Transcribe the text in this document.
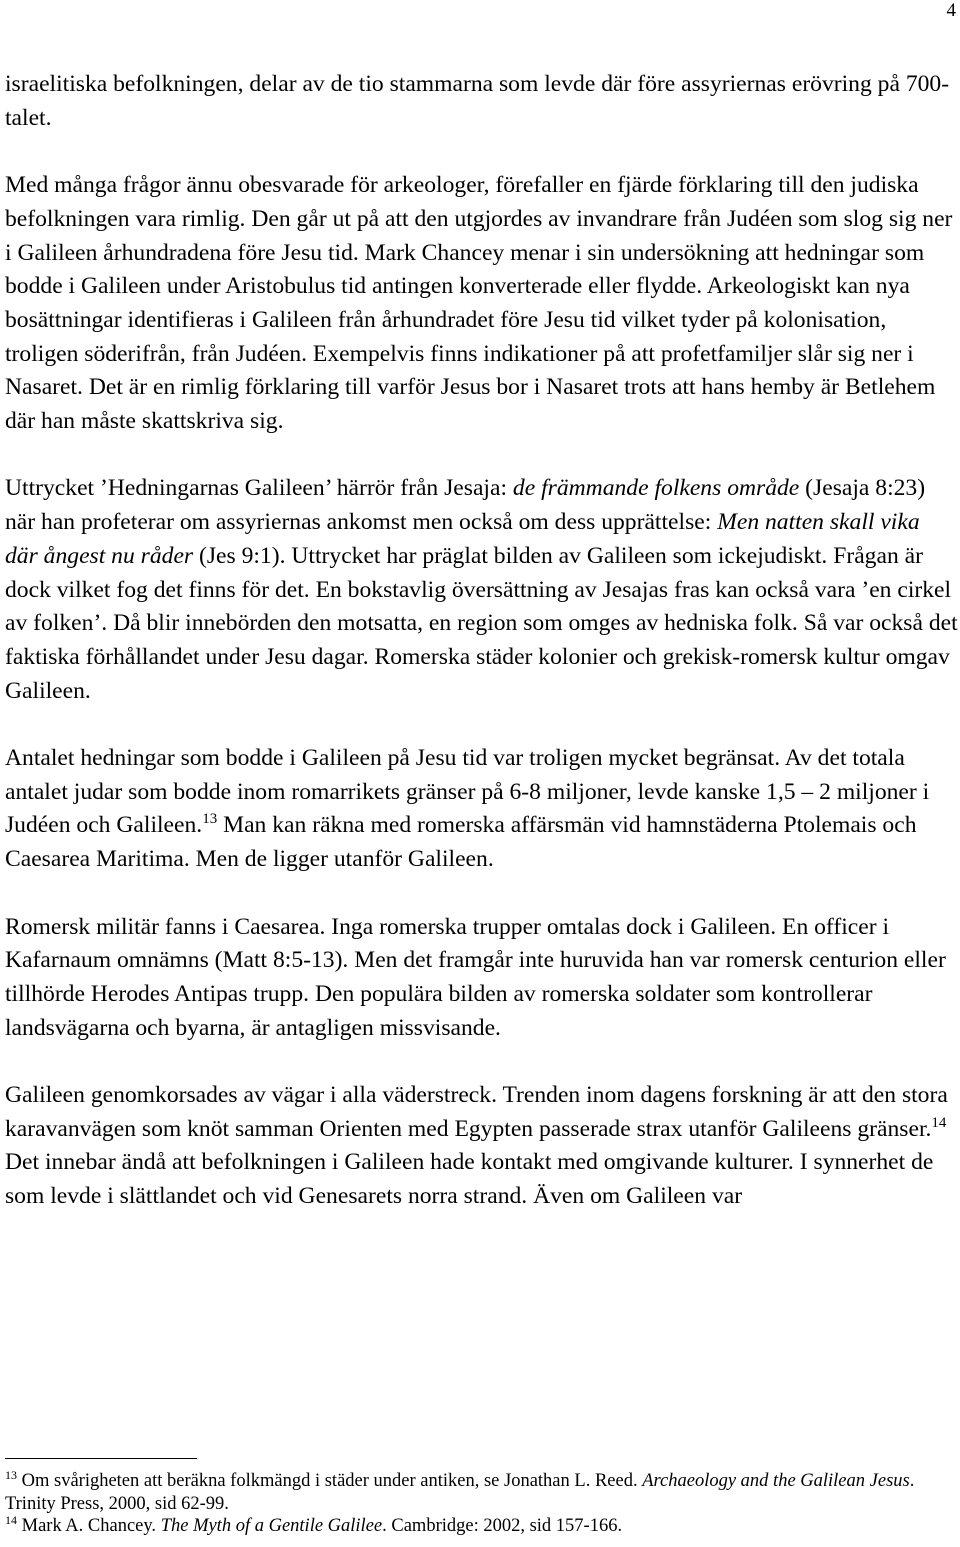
4

israelitiska befolkningen, delar av de tio stammarna som levde där före assyriernas erövring på 700-talet.

Med många frågor ännu obesvarade för arkeologer, förefaller en fjärde förklaring till den judiska befolkningen vara rimlig. Den går ut på att den utgjordes av invandrare från Judéen som slog sig ner i Galileen århundradena före Jesu tid. Mark Chancey menar i sin undersökning att hedningar som bodde i Galileen under Aristobulus tid antingen konverterade eller flydde. Arkeologiskt kan nya bosättningar identifieras i Galileen från århundradet före Jesu tid vilket tyder på kolonisation, troligen söderifrån, från Judéen. Exempelvis finns indikationer på att profetfamiljer slår sig ner i Nasaret. Det är en rimlig förklaring till varför Jesus bor i Nasaret trots att hans hemby är Betlehem där han måste skattskriva sig.

Uttrycket ’Hedningarnas Galileen’ härrör från Jesaja: de främmande folkens område (Jesaja 8:23) när han profeterar om assyriernas ankomst men också om dess upprättelse: Men natten skall vika där ångest nu råder (Jes 9:1). Uttrycket har präglat bilden av Galileen som ickejudiskt. Frågan är dock vilket fog det finns för det. En bokstavlig översättning av Jesajas fras kan också vara ’en cirkel av folken’. Då blir innebörden den motsatta, en region som omges av hedniska folk. Så var också det faktiska förhållandet under Jesu dagar. Romerska städer kolonier och grekisk-romersk kultur omgav Galileen.

Antalet hedningar som bodde i Galileen på Jesu tid var troligen mycket begränsat. Av det totala antalet judar som bodde inom romarrikets gränser på 6-8 miljoner, levde kanske 1,5 – 2 miljoner i Judéen och Galileen.$^{13}$ Man kan räkna med romerska affärsmän vid hamnstäderna Ptolemais och Caesarea Maritima. Men de ligger utanför Galileen.

Romersk militär fanns i Caesarea. Inga romerska trupper omtalas dock i Galileen. En officer i Kafarnaum omnämns (Matt 8:5-13). Men det framgår inte huruvida han var romersk centurion eller tillhörde Herodes Antipas trupp. Den populära bilden av romerska soldater som kontrollerar landsvägarna och byarna, är antagligen missvisande.

Galileen genomkorsades av vägar i alla väderstreck. Trenden inom dagens forskning är att den stora karavanvägen som knöt samman Orienten med Egypten passerade strax utanför Galileens gränser.$^{14}$ Det innebar ändå att befolkningen i Galileen hade kontakt med omgivande kulturer. I synnerhet de som levde i slättlandet och vid Genesarets norra strand. Även om Galileen var

$^{13}$ Om svårigheten att beräkna folkmängd i städer under antiken, se Jonathan L. Reed. Archaeology and the Galilean Jesus. Trinity Press, 2000, sid 62-99.

$^{14}$ Mark A. Chancey. The Myth of a Gentile Galilee. Cambridge: 2002, sid 157-166.
